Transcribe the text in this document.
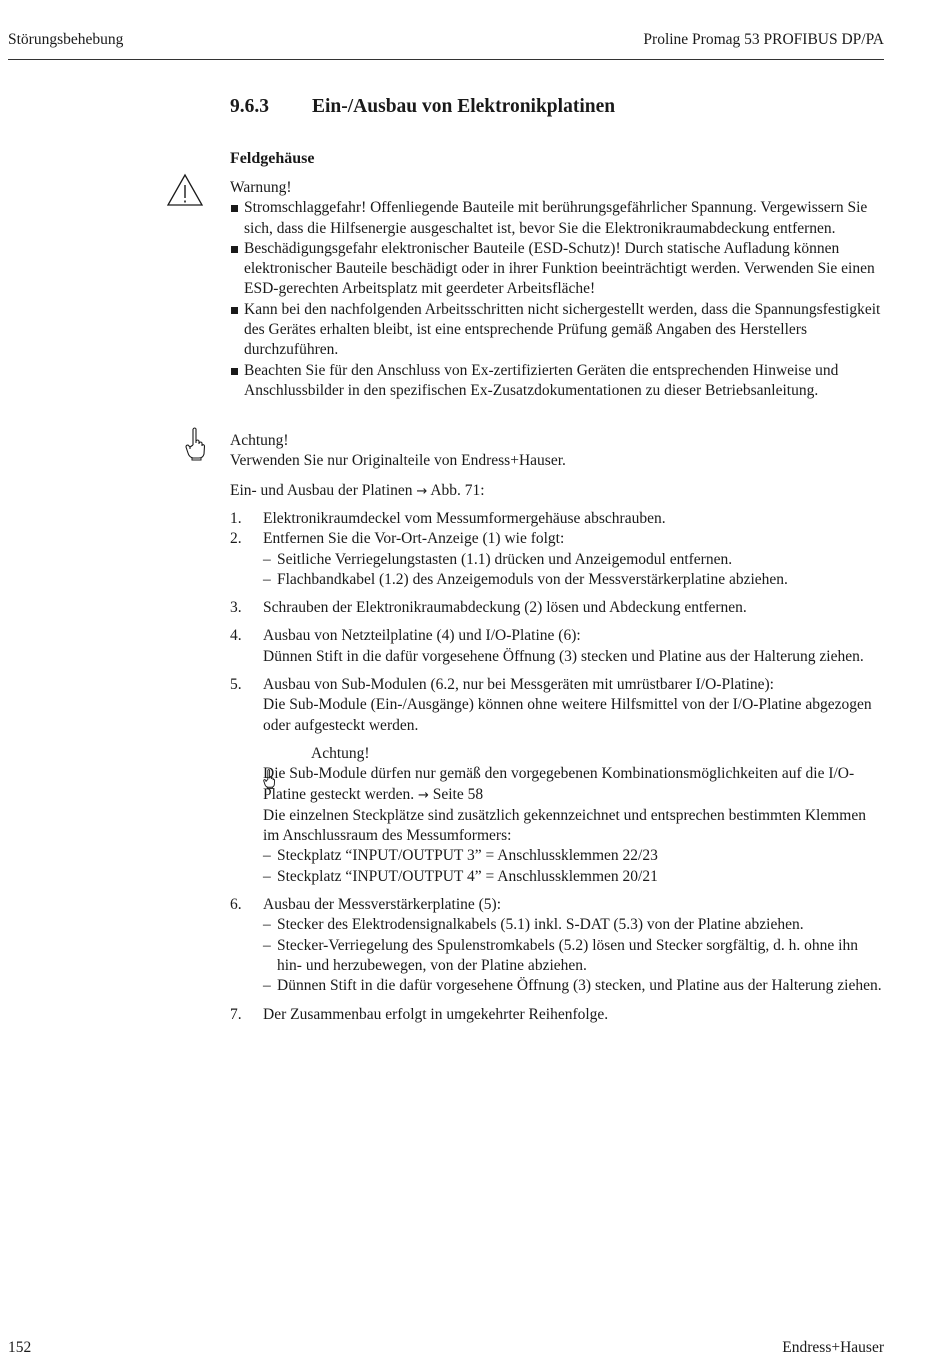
Störungsbehebung	Proline Promag 53 PROFIBUS DP/PA
9.6.3 Ein-/Ausbau von Elektronikplatinen
Feldgehäuse

Warnung!

Stromschlaggefahr! Offenliegende Bauteile mit berührungsgefährlicher Spannung. Vergewissern Sie sich, dass die Hilfsenergie ausgeschaltet ist, bevor Sie die Elektronikraumabdeckung entfernen.
Beschädigungsgefahr elektronischer Bauteile (ESD-Schutz)! Durch statische Aufladung können elektronischer Bauteile beschädigt oder in ihrer Funktion beeinträchtigt werden. Verwenden Sie einen ESD-gerechten Arbeitsplatz mit geerdeter Arbeitsfläche!
Kann bei den nachfolgenden Arbeitsschritten nicht sichergestellt werden, dass die Spannungsfestigkeit des Gerätes erhalten bleibt, ist eine entsprechende Prüfung gemäß Angaben des Herstellers durchzuführen.
Beachten Sie für den Anschluss von Ex-zertifizierten Geräten die entsprechenden Hinweise und Anschlussbilder in den spezifischen Ex-Zusatzdokumentationen zu dieser Betriebsanleitung.

Achtung!

Verwenden Sie nur Originalteile von Endress+Hauser.

Ein- und Ausbau der Platinen → Abb. 71:
1. Elektronikraumdeckel vom Messumformergehäuse abschrauben.
2. Entfernen Sie die Vor-Ort-Anzeige (1) wie folgt:
– Seitliche Verriegelungstasten (1.1) drücken und Anzeigemodul entfernen.
– Flachbandkabel (1.2) des Anzeigemoduls von der Messverstärkerplatine abziehen.
3. Schrauben der Elektronikraumabdeckung (2) lösen und Abdeckung entfernen.
4. Ausbau von Netzteilplatine (4) und I/O-Platine (6):
Dünnen Stift in die dafür vorgesehene Öffnung (3) stecken und Platine aus der Halterung ziehen.
5. Ausbau von Sub-Modulen (6.2, nur bei Messgeräten mit umrüstbarer I/O-Platine):
Die Sub-Module (Ein-/Ausgänge) können ohne weitere Hilfsmittel von der I/O-Platine abgezogen oder aufgesteckt werden.
Achtung!
Die Sub-Module dürfen nur gemäß den vorgegebenen Kombinationsmöglichkeiten auf die I/O-Platine gesteckt werden. → Seite 58
Die einzelnen Steckplätze sind zusätzlich gekennzeichnet und entsprechen bestimmten Klemmen im Anschlussraum des Messumformers:
– Steckplatz “INPUT/OUTPUT 3” = Anschlussklemmen 22/23
– Steckplatz “INPUT/OUTPUT 4” = Anschlussklemmen 20/21
6. Ausbau der Messverstärkerplatine (5):
– Stecker des Elektrodensignalkabels (5.1) inkl. S-DAT (5.3) von der Platine abziehen.
– Stecker-Verriegelung des Spulenstromkabels (5.2) lösen und Stecker sorgfältig, d. h. ohne ihn hin- und herzubewegen, von der Platine abziehen.
– Dünnen Stift in die dafür vorgesehene Öffnung (3) stecken, und Platine aus der Halterung ziehen.
7. Der Zusammenbau erfolgt in umgekehrter Reihenfolge.
152	Endress+Hauser
